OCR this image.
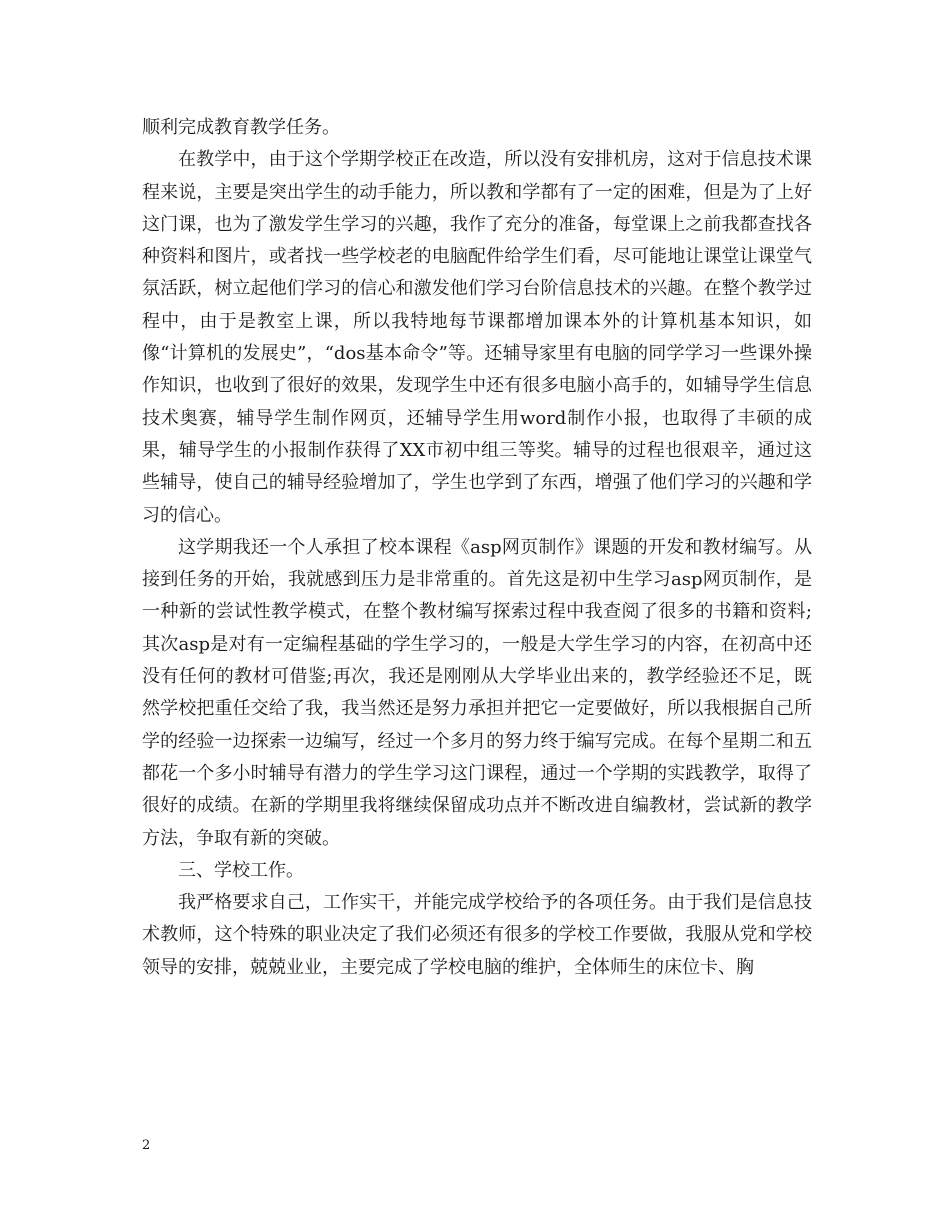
顺利完成教育教学任务。

在教学中，由于这个学期学校正在改造，所以没有安排机房，这对于信息技术课程来说，主要是突出学生的动手能力，所以教和学都有了一定的困难，但是为了上好这门课，也为了激发学生学习的兴趣，我作了充分的准备，每堂课上之前我都查找各种资料和图片，或者找一些学校老的电脑配件给学生们看，尽可能地让课堂让课堂气氛活跃，树立起他们学习的信心和激发他们学习台阶信息技术的兴趣。在整个教学过程中，由于是教室上课，所以我特地每节课都增加课本外的计算机基本知识，如像“计算机的发展史”，“dos基本命令”等。还辅导家里有电脑的同学学习一些课外操作知识，也收到了很好的效果，发现学生中还有很多电脑小高手的，如辅导学生信息技术奥赛，辅导学生制作网页，还辅导学生用word制作小报，也取得了丰硕的成果，辅导学生的小报制作获得了XX市初中组三等奖。辅导的过程也很艰辛，通过这些辅导，使自己的辅导经验增加了，学生也学到了东西，增强了他们学习的兴趣和学习的信心。

这学期我还一个人承担了校本课程《asp网页制作》课题的开发和教材编写。从接到任务的开始，我就感到压力是非常重的。首先这是初中生学习asp网页制作，是一种新的尝试性教学模式，在整个教材编写探索过程中我查阅了很多的书籍和资料;其次asp是对有一定编程基础的学生学习的，一般是大学生学习的内容，在初高中还没有任何的教材可借鉴;再次，我还是刚刚从大学毕业出来的，教学经验还不足，既然学校把重任交给了我，我当然还是努力承担并把它一定要做好，所以我根据自己所学的经验一边探索一边编写，经过一个多月的努力终于编写完成。在每个星期二和五都花一个多小时辅导有潜力的学生学习这门课程，通过一个学期的实践教学，取得了很好的成绩。在新的学期里我将继续保留成功点并不断改进自编教材，尝试新的教学方法，争取有新的突破。

三、学校工作。

我严格要求自己，工作实干，并能完成学校给予的各项任务。由于我们是信息技术教师，这个特殊的职业决定了我们必须还有很多的学校工作要做，我服从党和学校领导的安排，兢兢业业，主要完成了学校电脑的维护，全体师生的床位卡、胸

2
